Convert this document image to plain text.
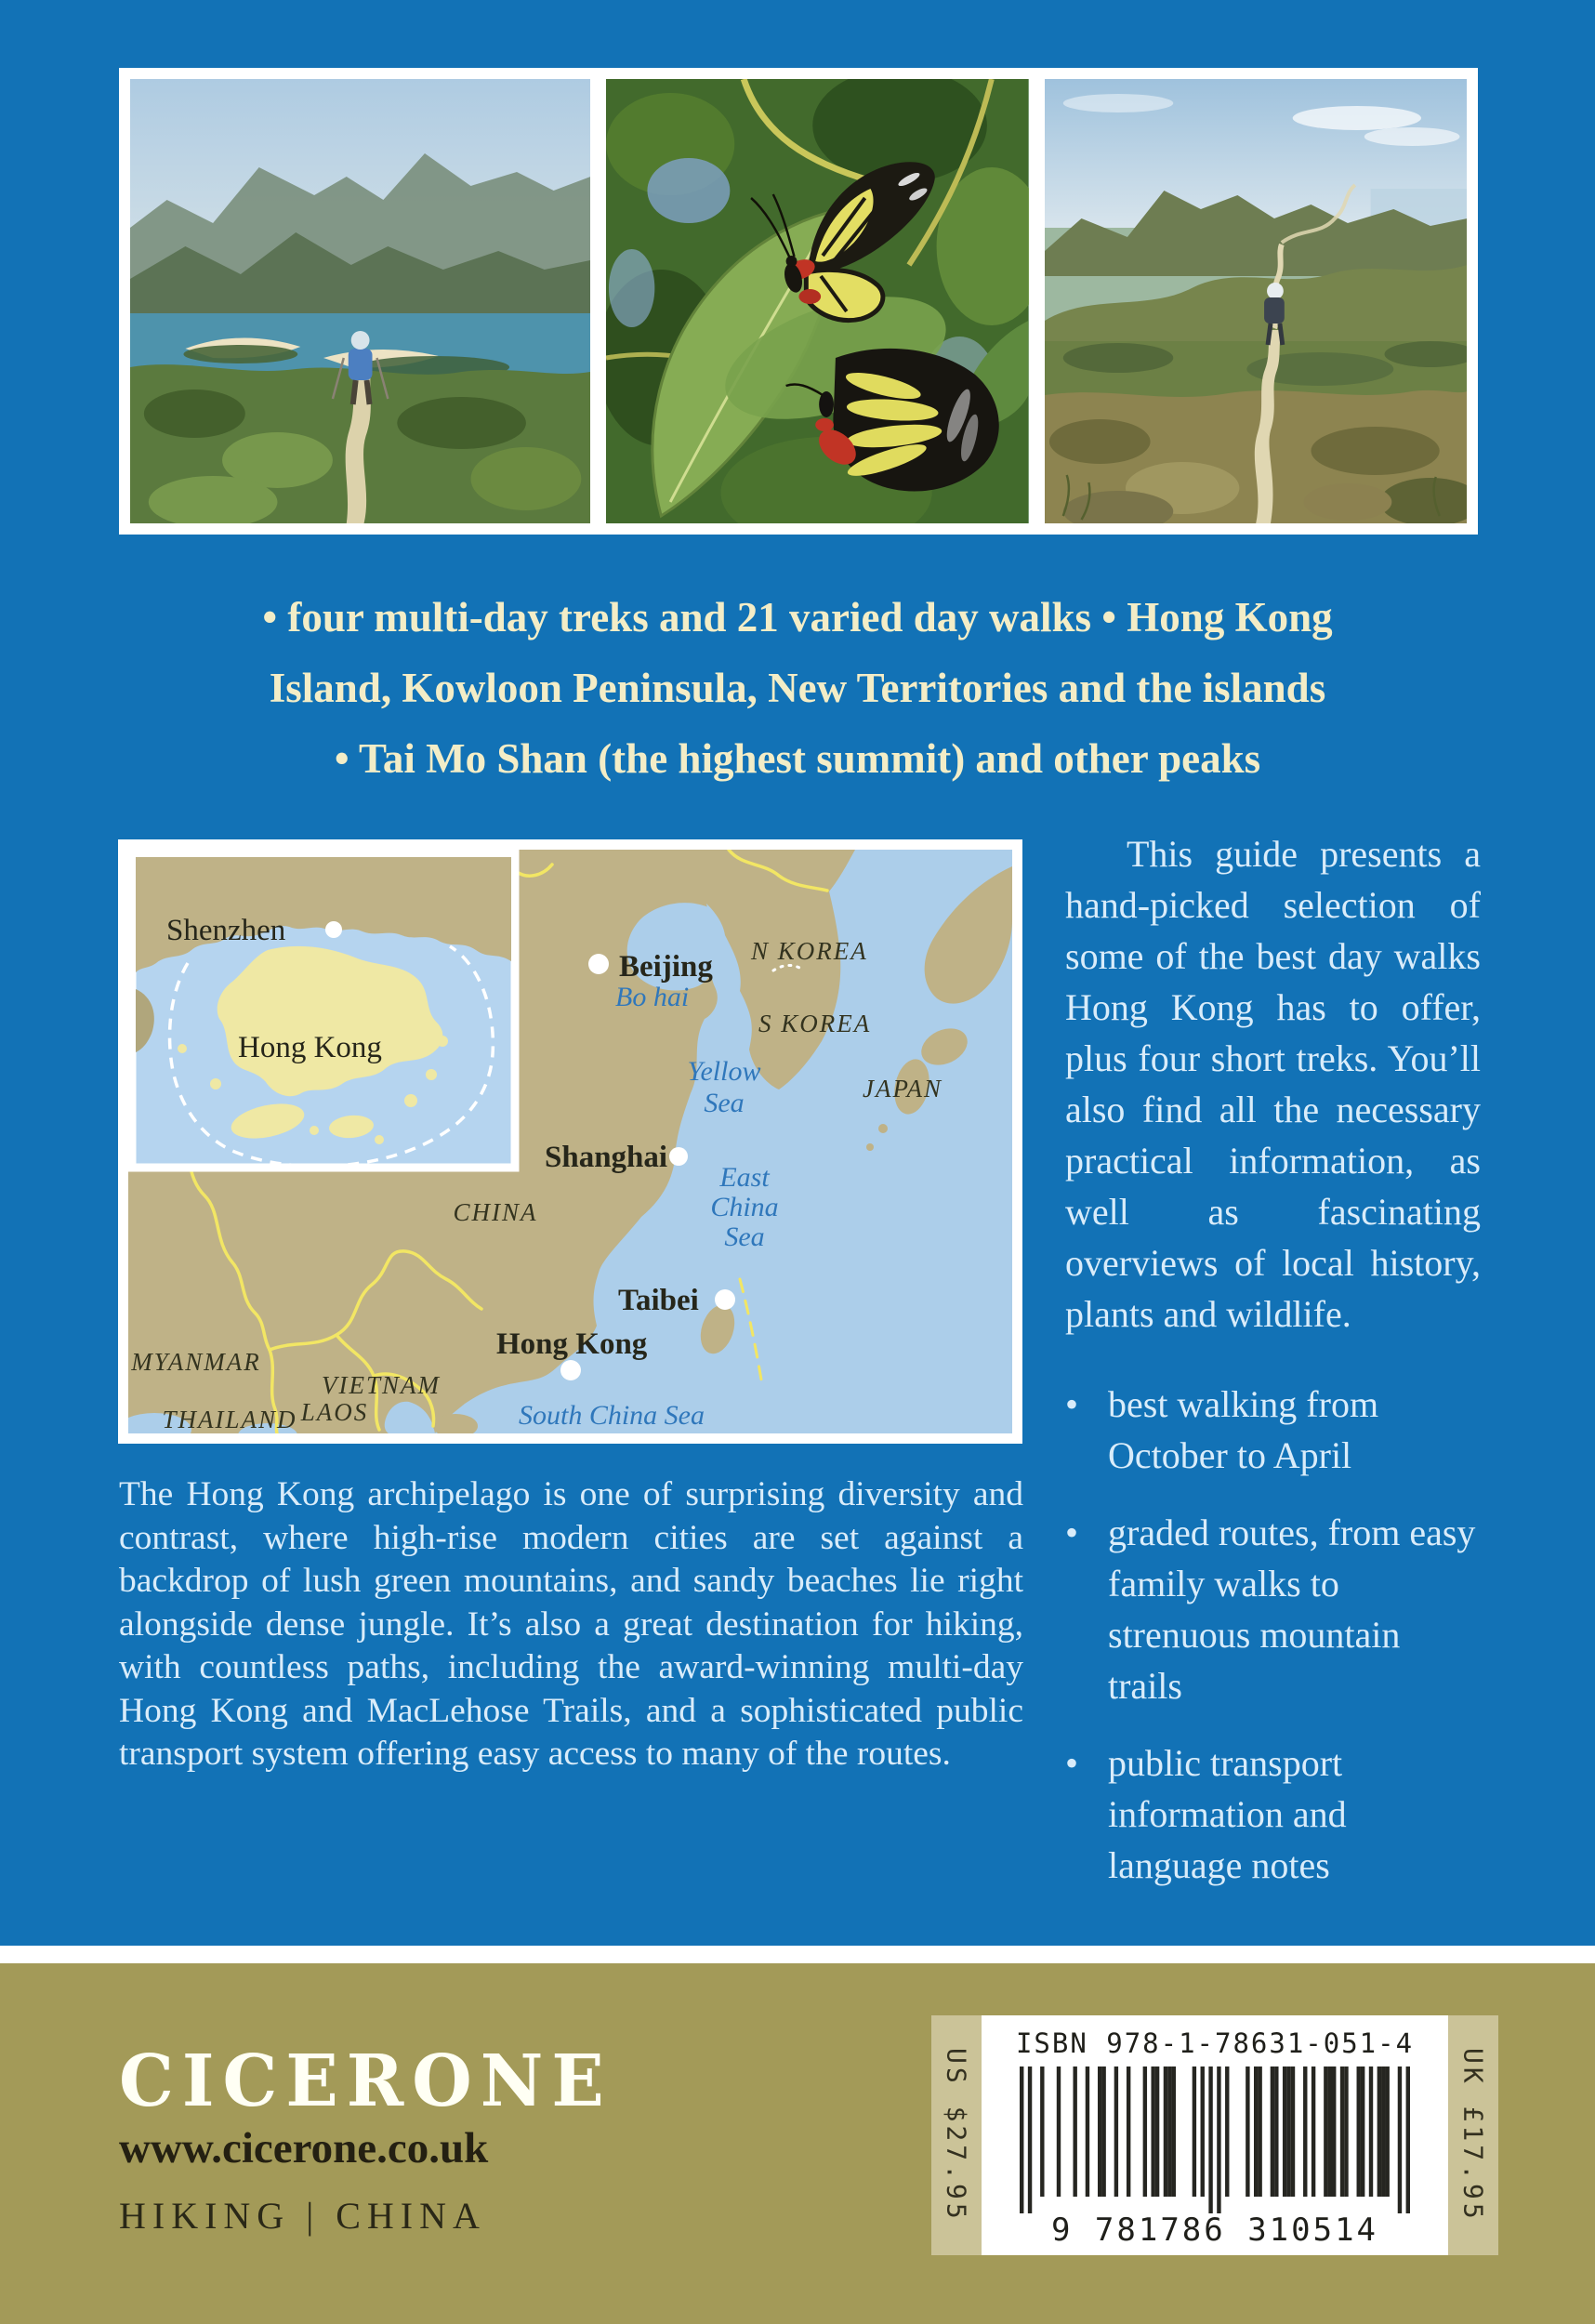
• four multi-day treks and 21 varied day walks • Hong Kong
Island, Kowloon Peninsula, New Territories and the islands
• Tai Mo Shan (the highest summit) and other peaks
Beijing
Bo hai
N KOREA
S KOREA
JAPAN
Yellow
Sea
Shanghai
CHINA
East
China
Sea
Taibei
Hong Kong
MYANMAR
VIETNAM
LAOS
THAILAND	South China Sea
Shenzhen
Hong Kong

This guide presents a hand-picked selection of some of the best day walks Hong Kong has to offer, plus four short treks. You’ll also find all the necessary practical information, as well as fascinating overviews of local history, plants and wildlife.

• best walking from October to April
• graded routes, from easy family walks to strenuous mountain trails
• public transport information and language notes
The Hong Kong archipelago is one of surprising diversity and contrast, where high-rise modern cities are set against a backdrop of lush green mountains, and sandy beaches lie right alongside dense jungle. It’s also a great destination for hiking, with countless paths, including the award-winning multi-day Hong Kong and MacLehose Trails, and a sophisticated public transport system offering easy access to many of the routes.
CICERONE
www.cicerone.co.uk
HIKING | CHINA	US $27.95
ISBN 978-1-78631-051-4
9 781786 310514
UK £17.95
